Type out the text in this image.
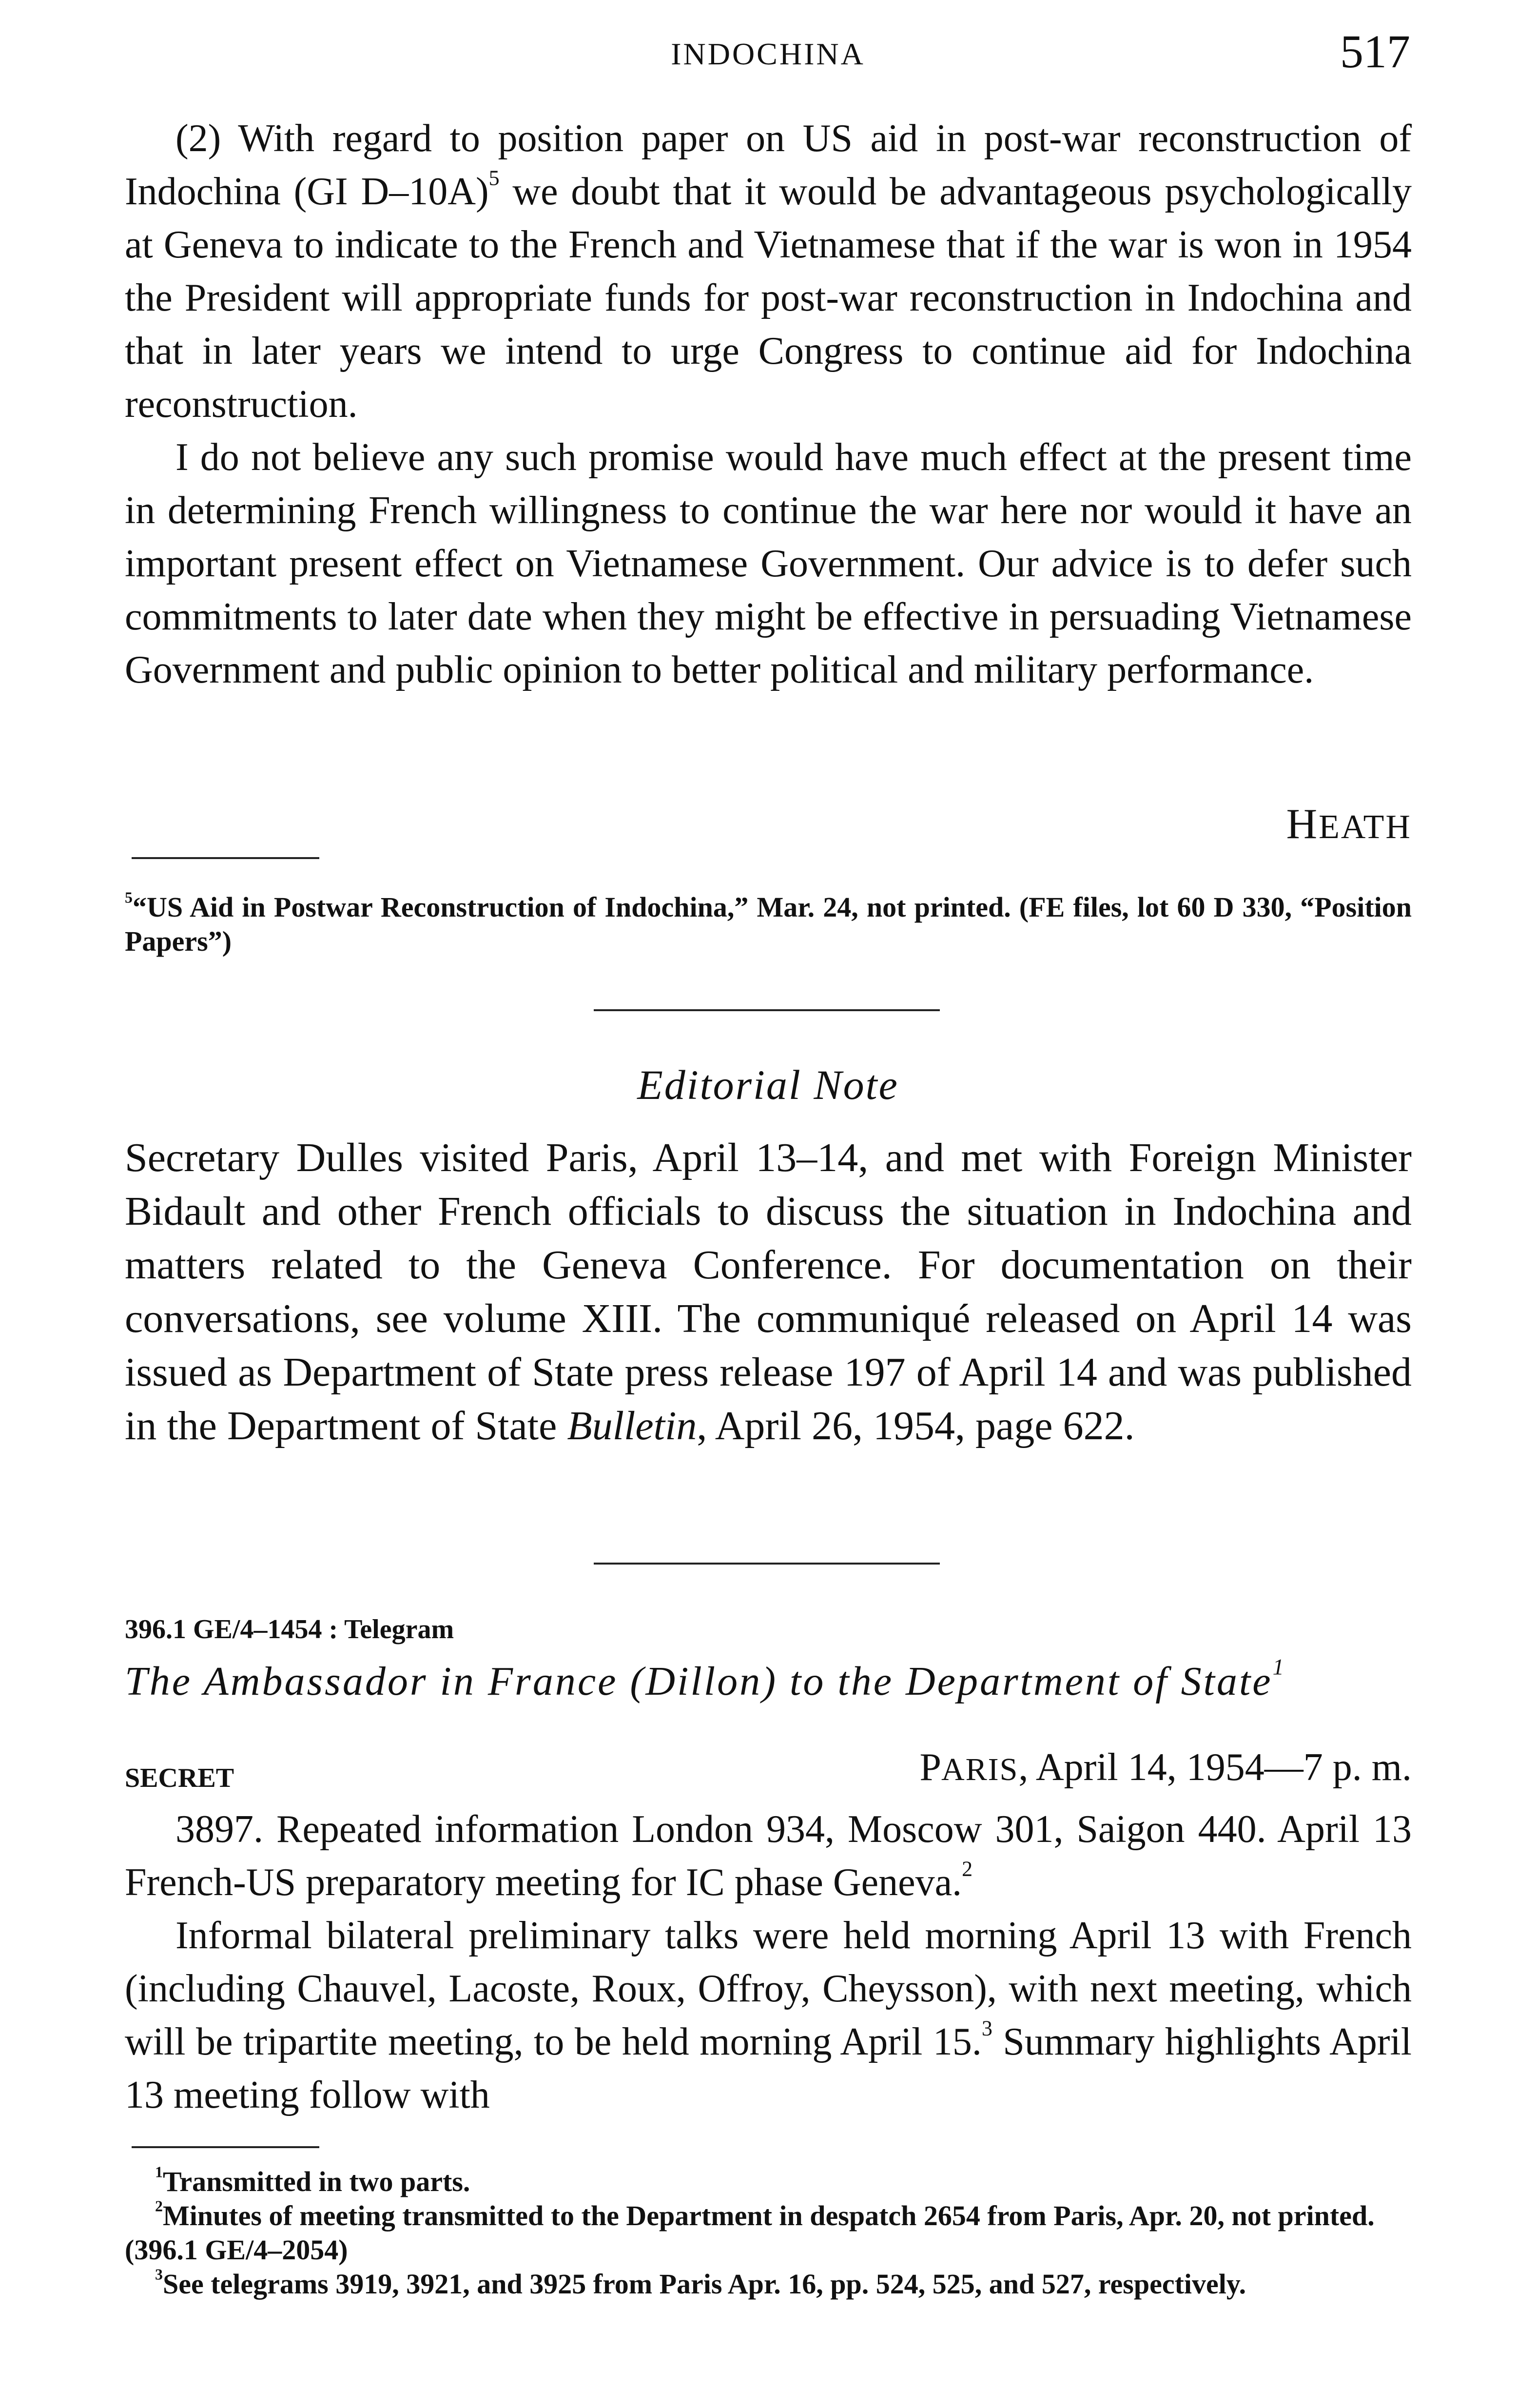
INDOCHINA	517

(2) With regard to position paper on US aid in post-war reconstruction of Indochina (GI D–10A)$^5$ we doubt that it would be advantageous psychologically at Geneva to indicate to the French and Vietnamese that if the war is won in 1954 the President will appropriate funds for post-war reconstruction in Indochina and that in later years we intend to urge Congress to continue aid for Indochina reconstruction.

I do not believe any such promise would have much effect at the present time in determining French willingness to continue the war here nor would it have an important present effect on Vietnamese Government. Our advice is to defer such commitments to later date when they might be effective in persuading Vietnamese Government and public opinion to better political and military performance.

HEATH

$^5$“US Aid in Postwar Reconstruction of Indochina,” Mar. 24, not printed. (FE files, lot 60 D 330, “Position Papers”)

Editorial Note

Secretary Dulles visited Paris, April 13–14, and met with Foreign Minister Bidault and other French officials to discuss the situation in Indochina and matters related to the Geneva Conference. For documentation on their conversations, see volume XIII. The communiqué released on April 14 was issued as Department of State press release 197 of April 14 and was published in the Department of State Bulletin, April 26, 1954, page 622.

396.1 GE/4–1454 : Telegram
The Ambassador in France (Dillon) to the Department of State$^1$
SECRET	PARIS, April 14, 1954—7 p. m.

3897. Repeated information London 934, Moscow 301, Saigon 440. April 13 French-US preparatory meeting for IC phase Geneva.$^2$

Informal bilateral preliminary talks were held morning April 13 with French (including Chauvel, Lacoste, Roux, Offroy, Cheysson), with next meeting, which will be tripartite meeting, to be held morning April 15.$^3$ Summary highlights April 13 meeting follow with

$^1$Transmitted in two parts.

$^2$Minutes of meeting transmitted to the Department in despatch 2654 from Paris, Apr. 20, not printed. (396.1 GE/4–2054)

$^3$See telegrams 3919, 3921, and 3925 from Paris Apr. 16, pp. 524, 525, and 527, respectively.
